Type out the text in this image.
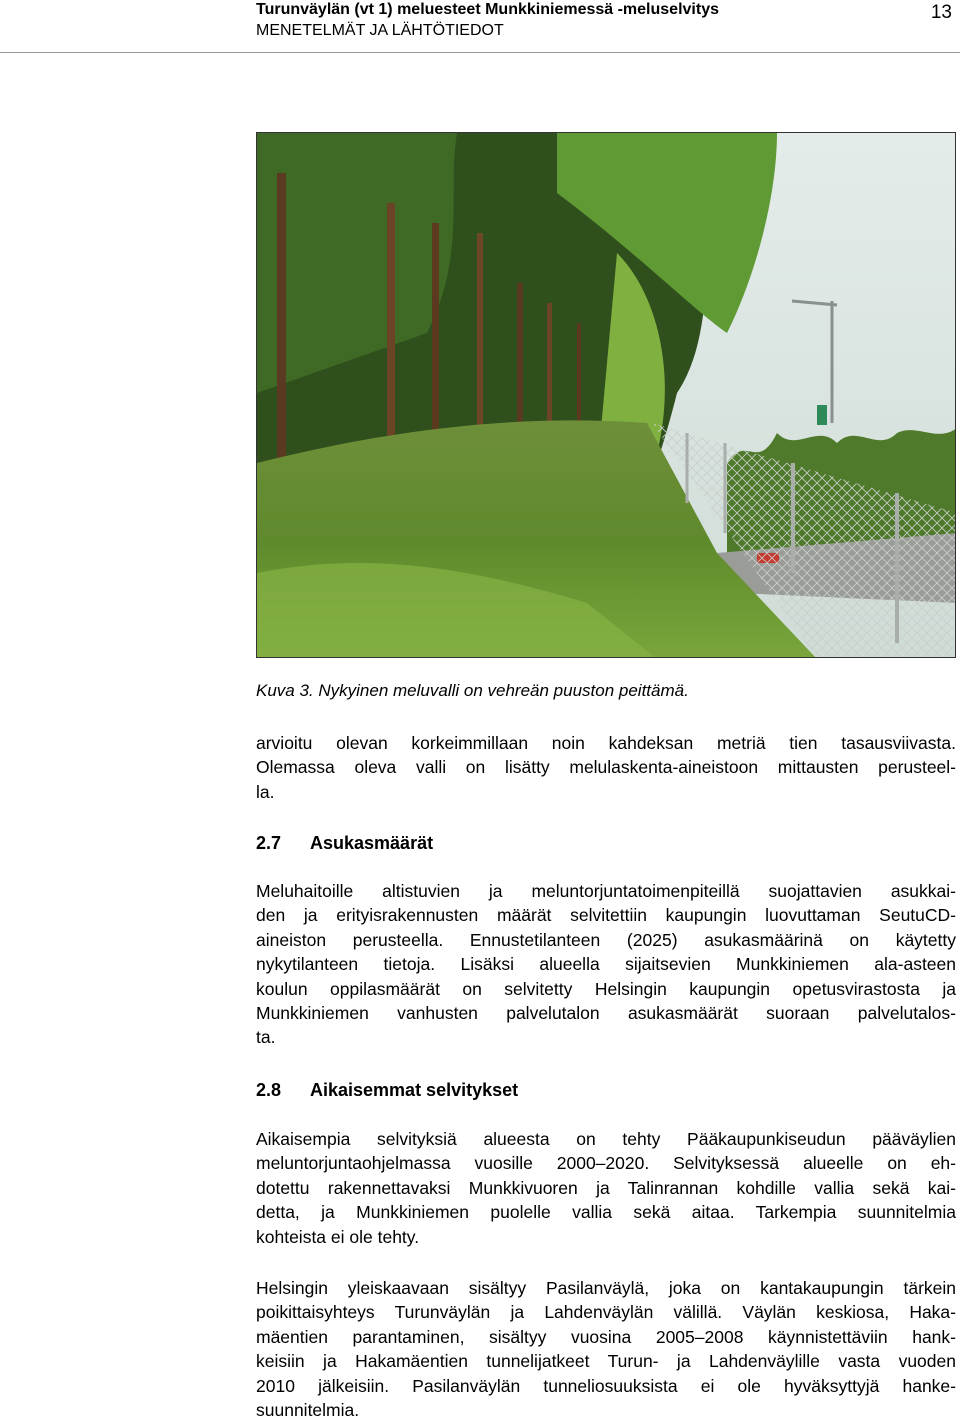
Turunväylän (vt 1) meluesteet Munkkiniemessä -meluselvitys
MENETELMÄT JA LÄHTÖTIEDOT
13
Kuva 3. Nykyinen meluvalli on vehreän puuston peittämä.
arvioitu olevan korkeimmillaan noin kahdeksan metriä tien tasausviivasta.
Olemassa oleva valli on lisätty melulaskenta-aineistoon mittausten perusteel-
la.
2.7 Asukasmäärät
Meluhaitoille altistuvien ja meluntorjuntatoimenpiteillä suojattavien asukkai-
den ja erityisrakennusten määrät selvitettiin kaupungin luovuttaman SeutuCD-
aineiston perusteella. Ennustetilanteen (2025) asukasmäärinä on käytetty
nykytilanteen tietoja. Lisäksi alueella sijaitsevien Munkkiniemen ala-asteen
koulun oppilasmäärät on selvitetty Helsingin kaupungin opetusvirastosta ja
Munkkiniemen vanhusten palvelutalon asukasmäärät suoraan palvelutalos-
ta.
2.8 Aikaisemmat selvitykset
Aikaisempia selvityksiä alueesta on tehty Pääkaupunkiseudun pääväylien
meluntorjuntaohjelmassa vuosille 2000–2020. Selvityksessä alueelle on eh-
dotettu rakennettavaksi Munkkivuoren ja Talinrannan kohdille vallia sekä kai-
detta, ja Munkkiniemen puolelle vallia sekä aitaa. Tarkempia suunnitelmia
kohteista ei ole tehty.
Helsingin yleiskaavaan sisältyy Pasilanväylä, joka on kantakaupungin tärkein
poikittaisyhteys Turunväylän ja Lahdenväylän välillä. Väylän keskiosa, Haka-
mäentien parantaminen, sisältyy vuosina 2005–2008 käynnistettäviin hank-
keisiin ja Hakamäentien tunnelijatkeet Turun- ja Lahdenväylille vasta vuoden
2010 jälkeisiin. Pasilanväylän tunneliosuuksista ei ole hyväksyttyjä hanke-
suunnitelmia.
